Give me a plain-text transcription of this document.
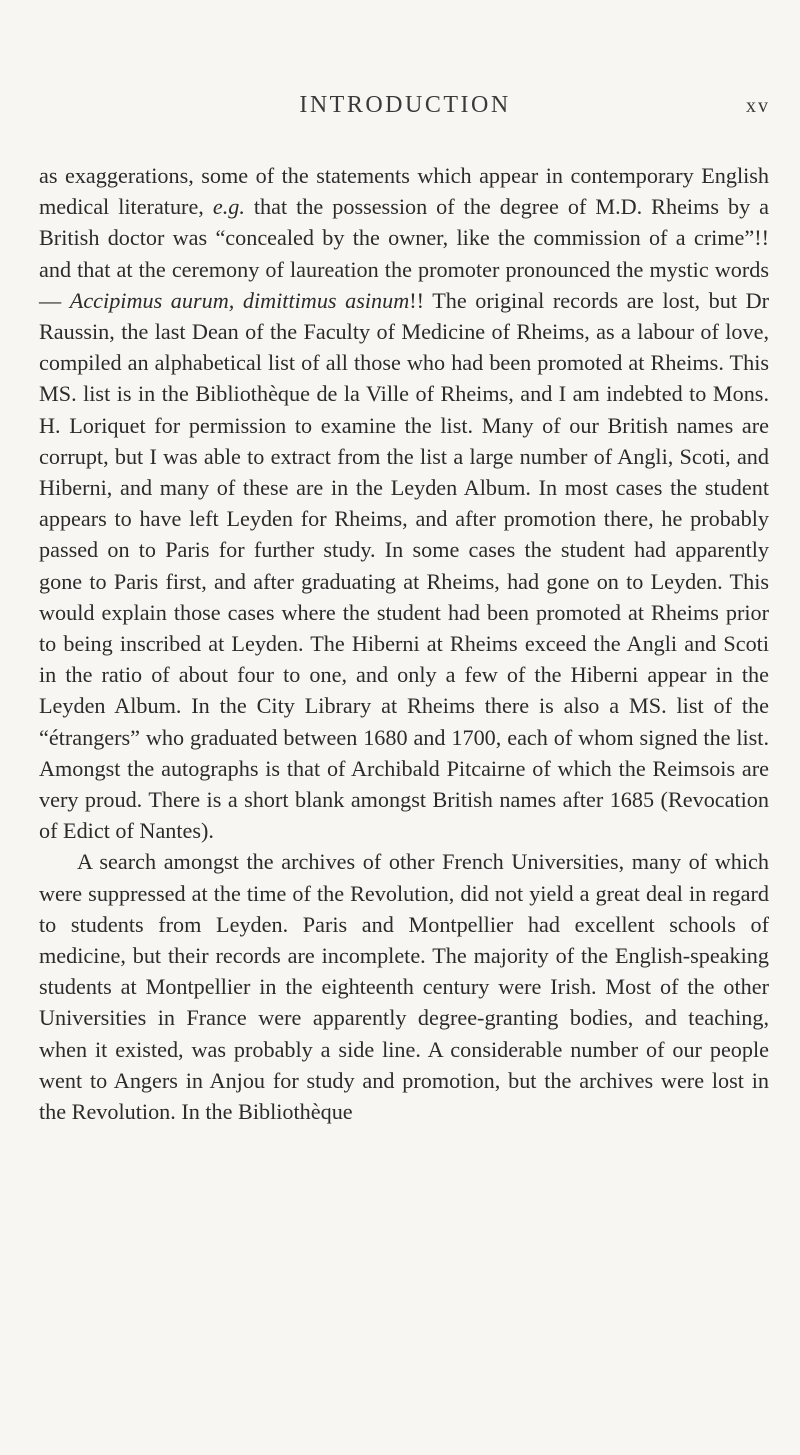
INTRODUCTION	xv

as exaggerations, some of the statements which appear in contemporary English medical literature, e.g. that the possession of the degree of M.D. Rheims by a British doctor was “concealed by the owner, like the commission of a crime”!! and that at the ceremony of laureation the promoter pronounced the mystic words — Accipimus aurum, dimittimus asinum!! The original records are lost, but Dr Raussin, the last Dean of the Faculty of Medicine of Rheims, as a labour of love, compiled an alphabetical list of all those who had been promoted at Rheims. This MS. list is in the Bibliothèque de la Ville of Rheims, and I am indebted to Mons. H. Loriquet for permission to examine the list. Many of our British names are corrupt, but I was able to extract from the list a large number of Angli, Scoti, and Hiberni, and many of these are in the Leyden Album. In most cases the student appears to have left Leyden for Rheims, and after promotion there, he probably passed on to Paris for further study. In some cases the student had apparently gone to Paris first, and after graduating at Rheims, had gone on to Leyden. This would explain those cases where the student had been promoted at Rheims prior to being inscribed at Leyden. The Hiberni at Rheims exceed the Angli and Scoti in the ratio of about four to one, and only a few of the Hiberni appear in the Leyden Album. In the City Library at Rheims there is also a MS. list of the “étrangers” who graduated between 1680 and 1700, each of whom signed the list. Amongst the autographs is that of Archibald Pitcairne of which the Reimsois are very proud. There is a short blank amongst British names after 1685 (Revocation of Edict of Nantes).

A search amongst the archives of other French Universities, many of which were suppressed at the time of the Revolution, did not yield a great deal in regard to students from Leyden. Paris and Montpellier had excellent schools of medicine, but their records are incomplete. The majority of the English-speaking students at Montpellier in the eighteenth century were Irish. Most of the other Universities in France were apparently degree-granting bodies, and teaching, when it existed, was probably a side line. A considerable number of our people went to Angers in Anjou for study and promotion, but the archives were lost in the Revolution. In the Bibliothèque
